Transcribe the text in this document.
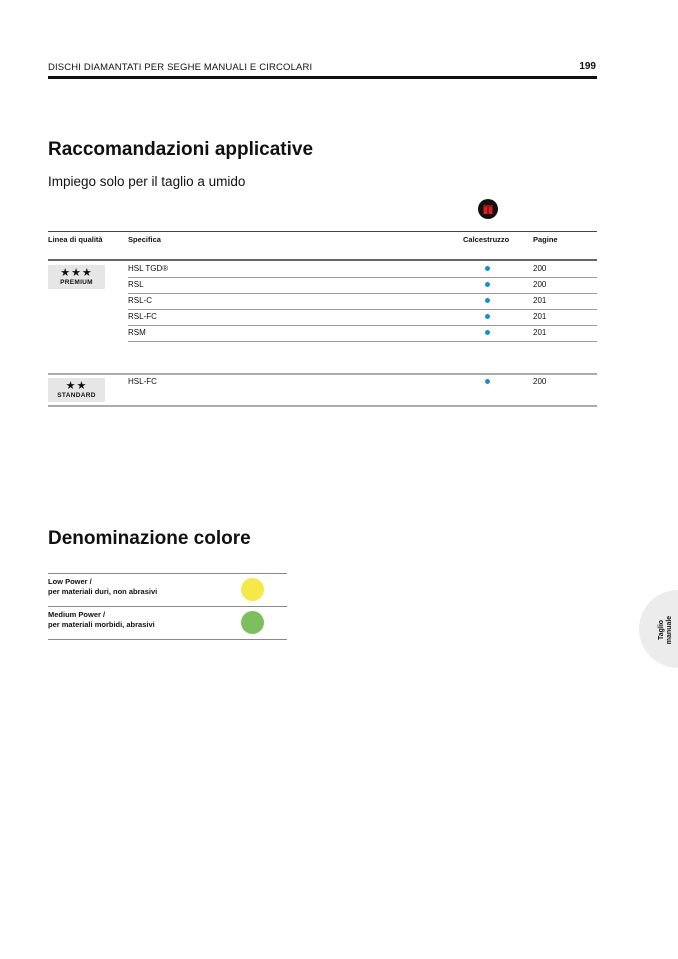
DISCHI DIAMANTATI PER SEGHE MANUALI E CIRCOLARI	199
Raccomandazioni applicative
Impiego solo per il taglio a umido
Linea di qualità	Specifica	Calcestruzzo	Pagine
★★★
PREMIUM
HSL TGD®	200
RSL	200
RSL-C	201
RSL-FC	201
RSM	201
★★
STANDARD
HSL-FC	200
Denominazione colore
Low Power /
per materiali duri, non abrasivi
Medium Power /
per materiali morbidi, abrasivi	Taglio
manuale
